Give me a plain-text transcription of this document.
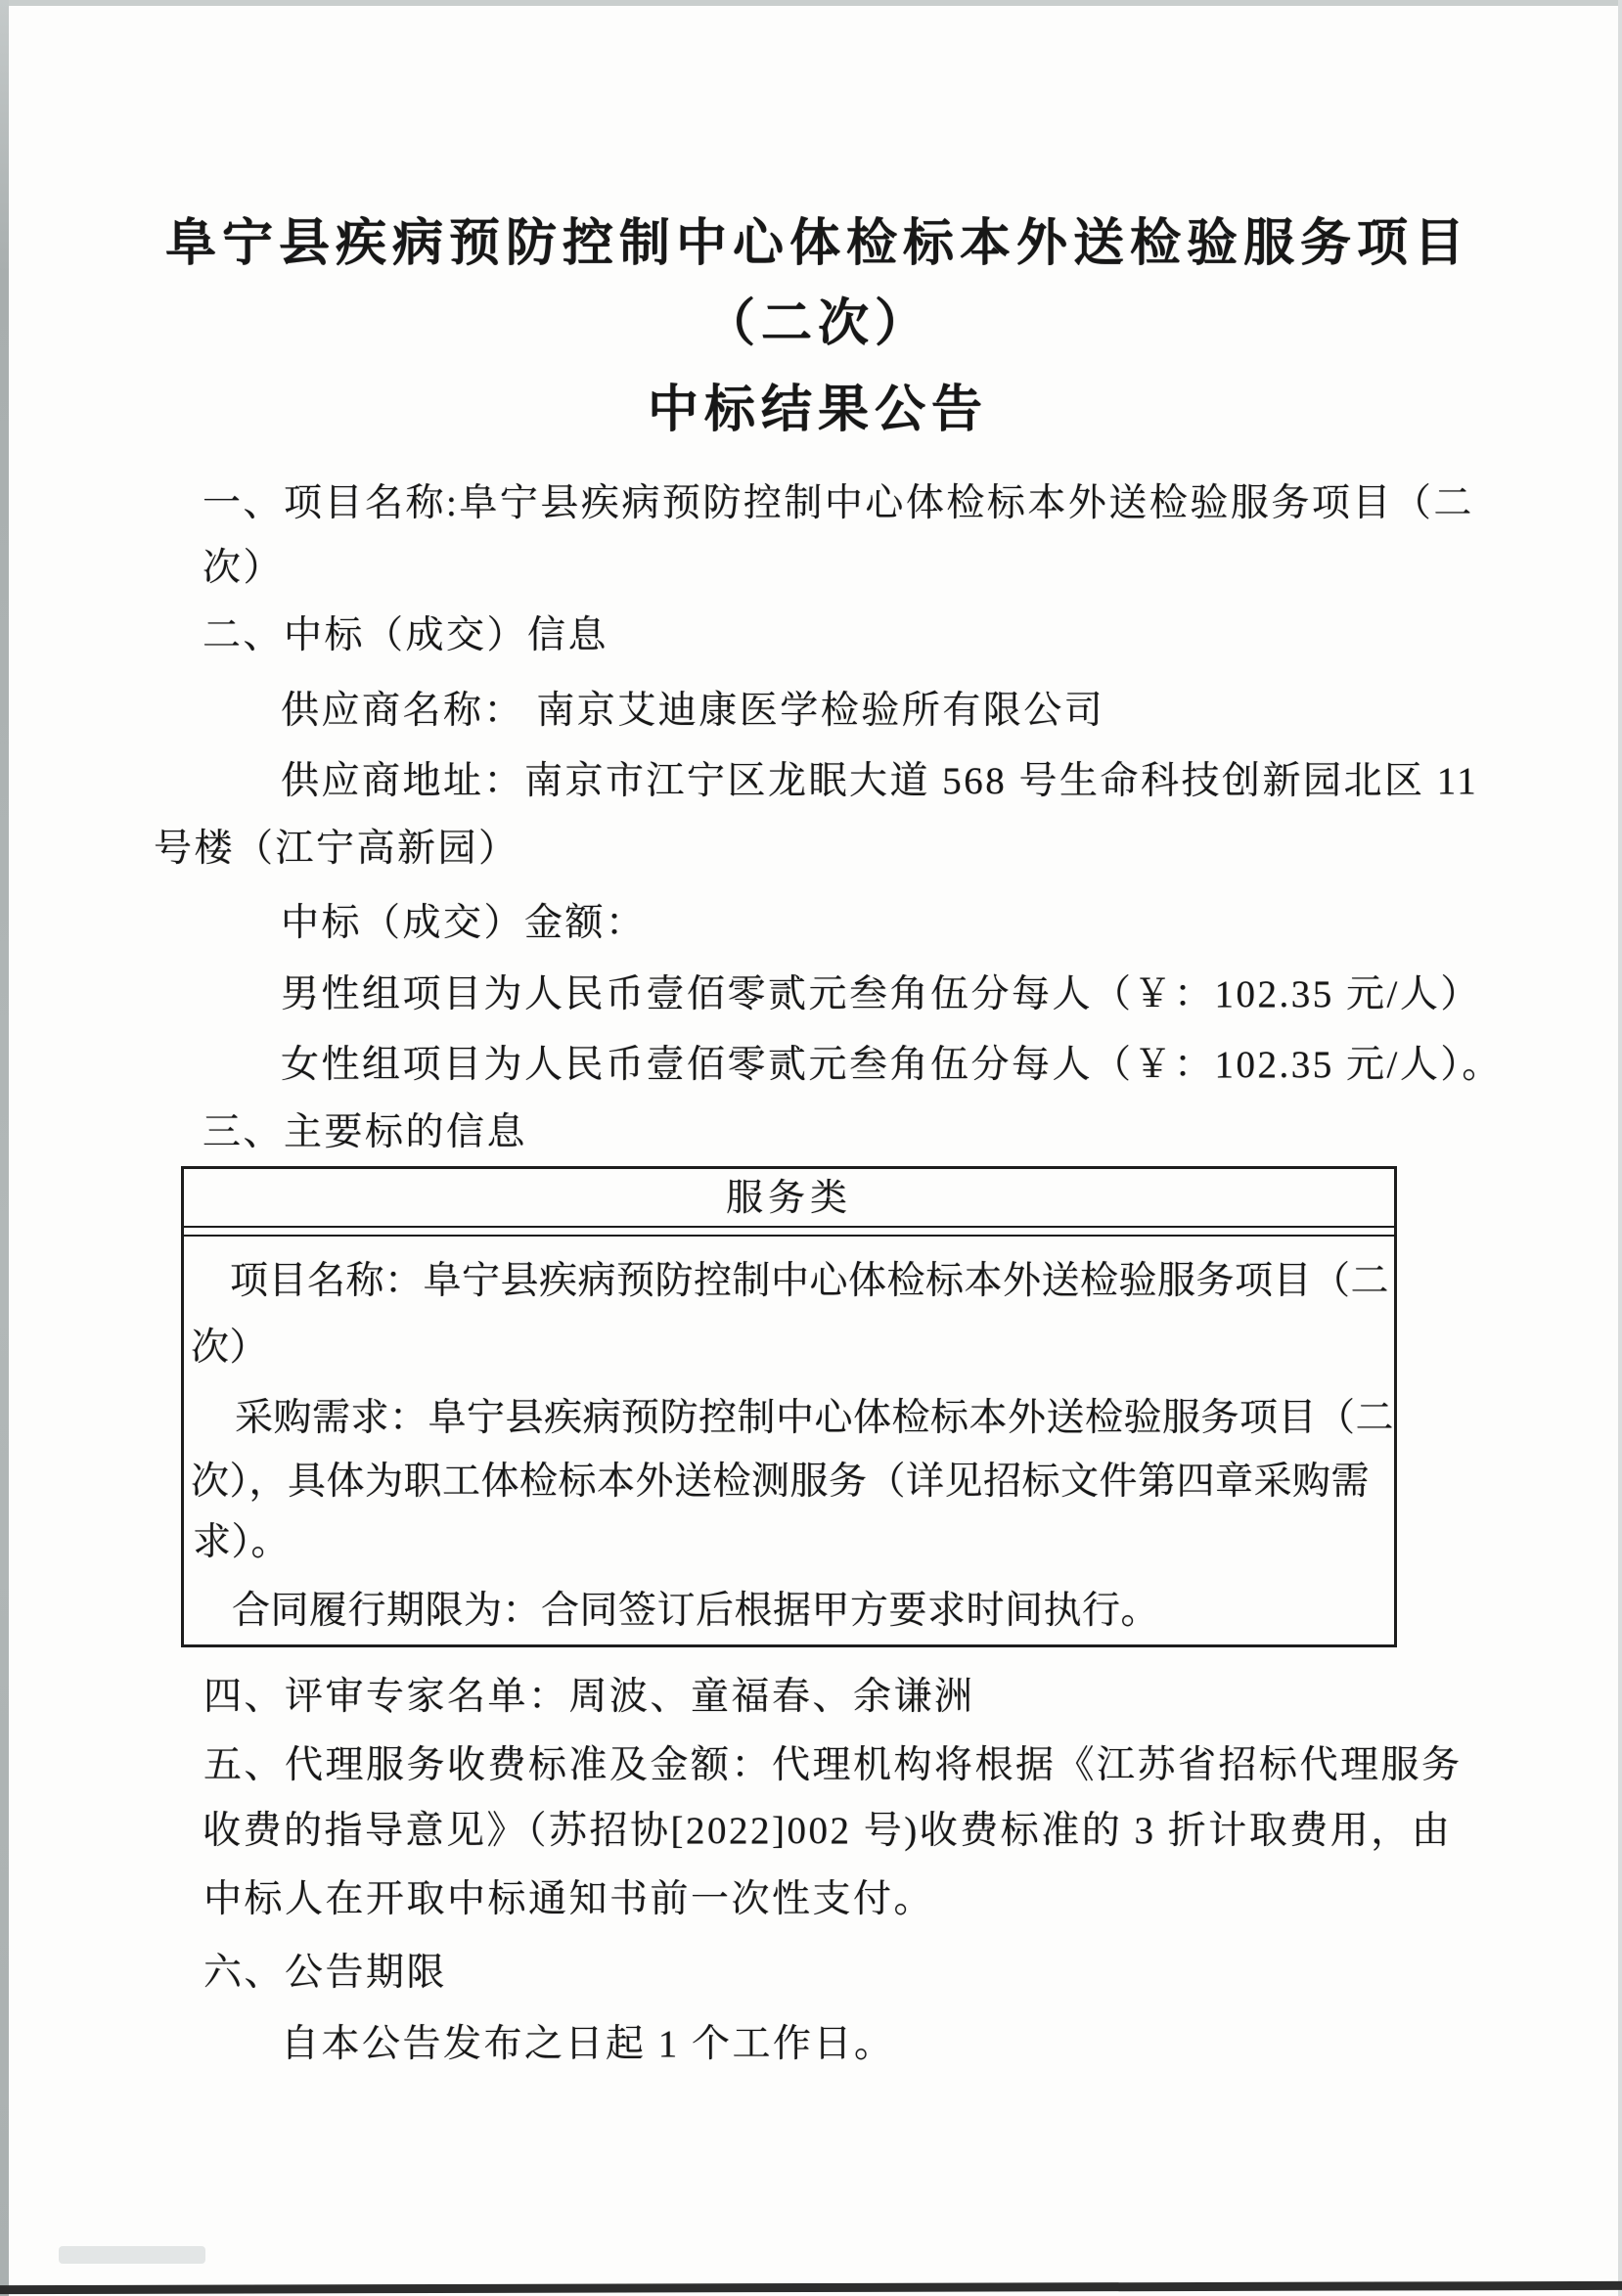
阜宁县疾病预防控制中心体检标本外送检验服务项目
（二次）
中标结果公告
一、项目名称:阜宁县疾病预防控制中心体检标本外送检验服务项目（二
次）
二、中标（成交）信息
供应商名称： 南京艾迪康医学检验所有限公司
供应商地址：南京市江宁区龙眠大道 568 号生命科技创新园北区 11
号楼（江宁高新园）
中标（成交）金额：
男性组项目为人民币壹佰零贰元叁角伍分每人（￥：102.35 元/人）
女性组项目为人民币壹佰零贰元叁角伍分每人（￥：102.35 元/人）。
三、主要标的信息
服务类
项目名称：阜宁县疾病预防控制中心体检标本外送检验服务项目（二
次）
采购需求：阜宁县疾病预防控制中心体检标本外送检验服务项目（二
次），具体为职工体检标本外送检测服务（详见招标文件第四章采购需
求）。
合同履行期限为：合同签订后根据甲方要求时间执行。
四、评审专家名单：周波、童福春、余谦洲
五、代理服务收费标准及金额：代理机构将根据《江苏省招标代理服务
收费的指导意见》（苏招协[2022]002 号)收费标准的 3 折计取费用，由
中标人在开取中标通知书前一次性支付。
六、公告期限
自本公告发布之日起 1 个工作日。
